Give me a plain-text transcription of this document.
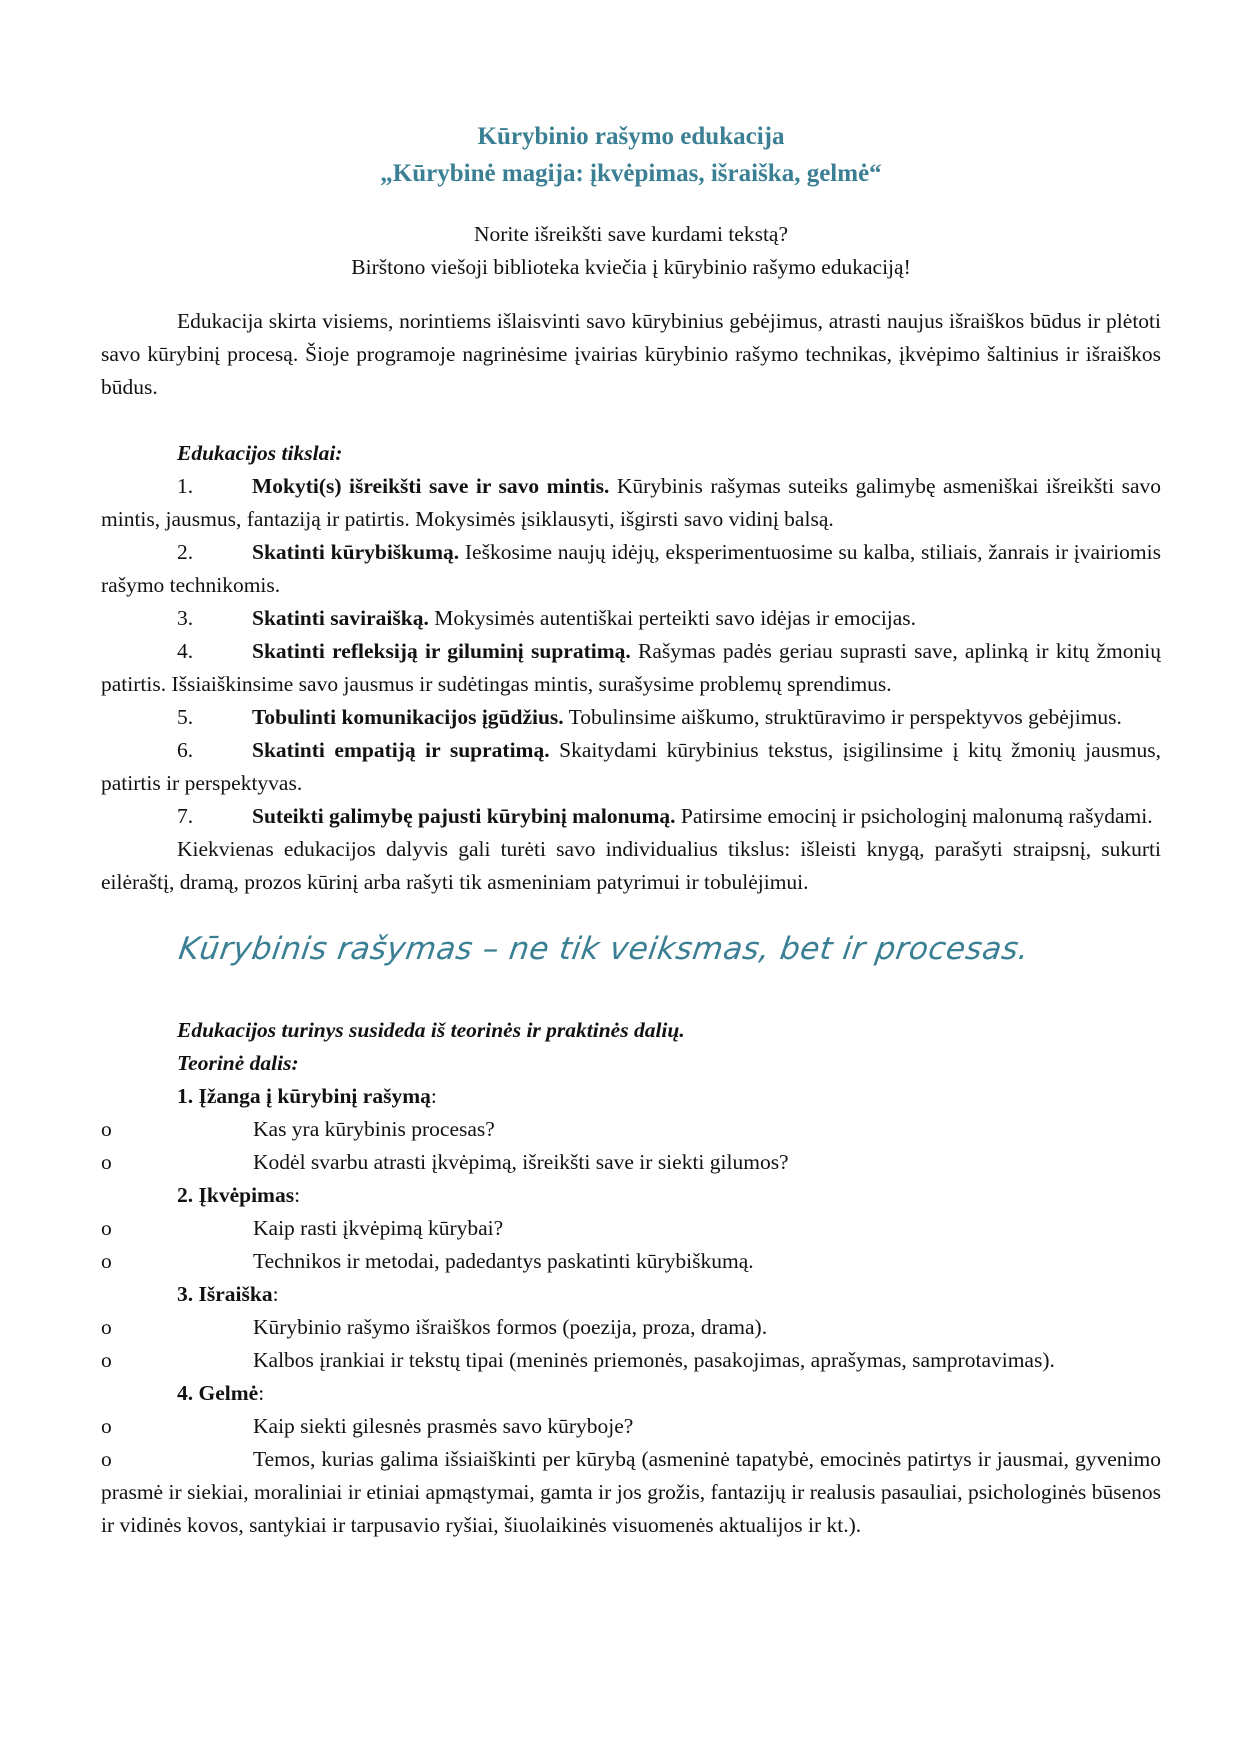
Kūrybinio rašymo edukacija
„Kūrybinė magija: įkvėpimas, išraiška, gelmė“
Norite išreikšti save kurdami tekstą?
Birštono viešoji biblioteka kviečia į kūrybinio rašymo edukaciją!

Edukacija skirta visiems, norintiems išlaisvinti savo kūrybinius gebėjimus, atrasti naujus išraiškos būdus ir plėtoti savo kūrybinį procesą. Šioje programoje nagrinėsime įvairias kūrybinio rašymo technikas, įkvėpimo šaltinius ir išraiškos būdus.

Edukacijos tikslai:

1.	Mokyti(s) išreikšti save ir savo mintis. Kūrybinis rašymas suteiks galimybę asmeniškai išreikšti savo mintis, jausmus, fantaziją ir patirtis. Mokysimės įsiklausyti, išgirsti savo vidinį balsą.

2.	Skatinti kūrybiškumą. Ieškosime naujų idėjų, eksperimentuosime su kalba, stiliais, žanrais ir įvairiomis rašymo technikomis.

3.	Skatinti saviraišką. Mokysimės autentiškai perteikti savo idėjas ir emocijas.

4.	Skatinti refleksiją ir giluminį supratimą. Rašymas padės geriau suprasti save, aplinką ir kitų žmonių patirtis. Išsiaiškinsime savo jausmus ir sudėtingas mintis, surašysime problemų sprendimus.

5.	Tobulinti komunikacijos įgūdžius. Tobulinsime aiškumo, struktūravimo ir perspektyvos gebėjimus.

6.	Skatinti empatiją ir supratimą. Skaitydami kūrybinius tekstus, įsigilinsime į kitų žmonių jausmus, patirtis ir perspektyvas.

7.	Suteikti galimybę pajusti kūrybinį malonumą. Patirsime emocinį ir psichologinį malonumą rašydami.

Kiekvienas edukacijos dalyvis gali turėti savo individualius tikslus: išleisti knygą, parašyti straipsnį, sukurti eilėraštį, dramą, prozos kūrinį arba rašyti tik asmeniniam patyrimui ir tobulėjimui.

Kūrybinis rašymas – ne tik veiksmas, bet ir procesas.

Edukacijos turinys susideda iš teorinės ir praktinės dalių.

Teorinė dalis:

1. Įžanga į kūrybinį rašymą:

o	Kas yra kūrybinis procesas?

o	Kodėl svarbu atrasti įkvėpimą, išreikšti save ir siekti gilumos?

2. Įkvėpimas:

o	Kaip rasti įkvėpimą kūrybai?

o	Technikos ir metodai, padedantys paskatinti kūrybiškumą.

3. Išraiška:

o	Kūrybinio rašymo išraiškos formos (poezija, proza, drama).

o	Kalbos įrankiai ir tekstų tipai (meninės priemonės, pasakojimas, aprašymas, samprotavimas).

4. Gelmė:

o	Kaip siekti gilesnės prasmės savo kūryboje?

o	Temos, kurias galima išsiaiškinti per kūrybą (asmeninė tapatybė, emocinės patirtys ir jausmai, gyvenimo prasmė ir siekiai, moraliniai ir etiniai apmąstymai, gamta ir jos grožis, fantazijų ir realusis pasauliai, psichologinės būsenos ir vidinės kovos, santykiai ir tarpusavio ryšiai, šiuolaikinės visuomenės aktualijos ir kt.).
